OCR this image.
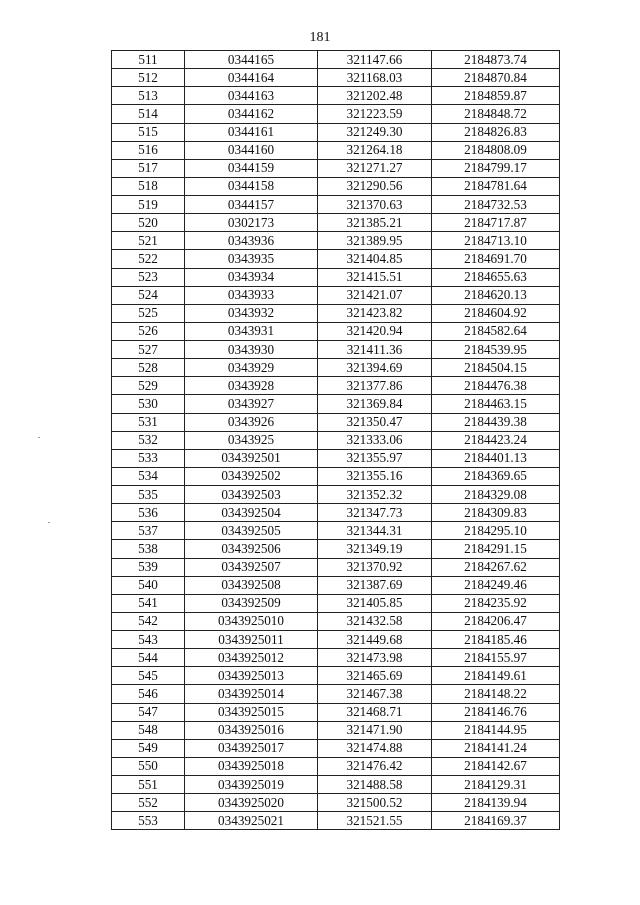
181
511	0344165	321147.66	2184873.74
512	0344164	321168.03	2184870.84
513	0344163	321202.48	2184859.87
514	0344162	321223.59	2184848.72
515	0344161	321249.30	2184826.83
516	0344160	321264.18	2184808.09
517	0344159	321271.27	2184799.17
518	0344158	321290.56	2184781.64
519	0344157	321370.63	2184732.53
520	0302173	321385.21	2184717.87
521	0343936	321389.95	2184713.10
522	0343935	321404.85	2184691.70
523	0343934	321415.51	2184655.63
524	0343933	321421.07	2184620.13
525	0343932	321423.82	2184604.92
526	0343931	321420.94	2184582.64
527	0343930	321411.36	2184539.95
528	0343929	321394.69	2184504.15
529	0343928	321377.86	2184476.38
530	0343927	321369.84	2184463.15
531	0343926	321350.47	2184439.38
532	0343925	321333.06	2184423.24
533	034392501	321355.97	2184401.13
534	034392502	321355.16	2184369.65
535	034392503	321352.32	2184329.08
536	034392504	321347.73	2184309.83
537	034392505	321344.31	2184295.10
538	034392506	321349.19	2184291.15
539	034392507	321370.92	2184267.62
540	034392508	321387.69	2184249.46
541	034392509	321405.85	2184235.92
542	0343925010	321432.58	2184206.47
543	0343925011	321449.68	2184185.46
544	0343925012	321473.98	2184155.97
545	0343925013	321465.69	2184149.61
546	0343925014	321467.38	2184148.22
547	0343925015	321468.71	2184146.76
548	0343925016	321471.90	2184144.95
549	0343925017	321474.88	2184141.24
550	0343925018	321476.42	2184142.67
551	0343925019	321488.58	2184129.31
552	0343925020	321500.52	2184139.94
553	0343925021	321521.55	2184169.37
